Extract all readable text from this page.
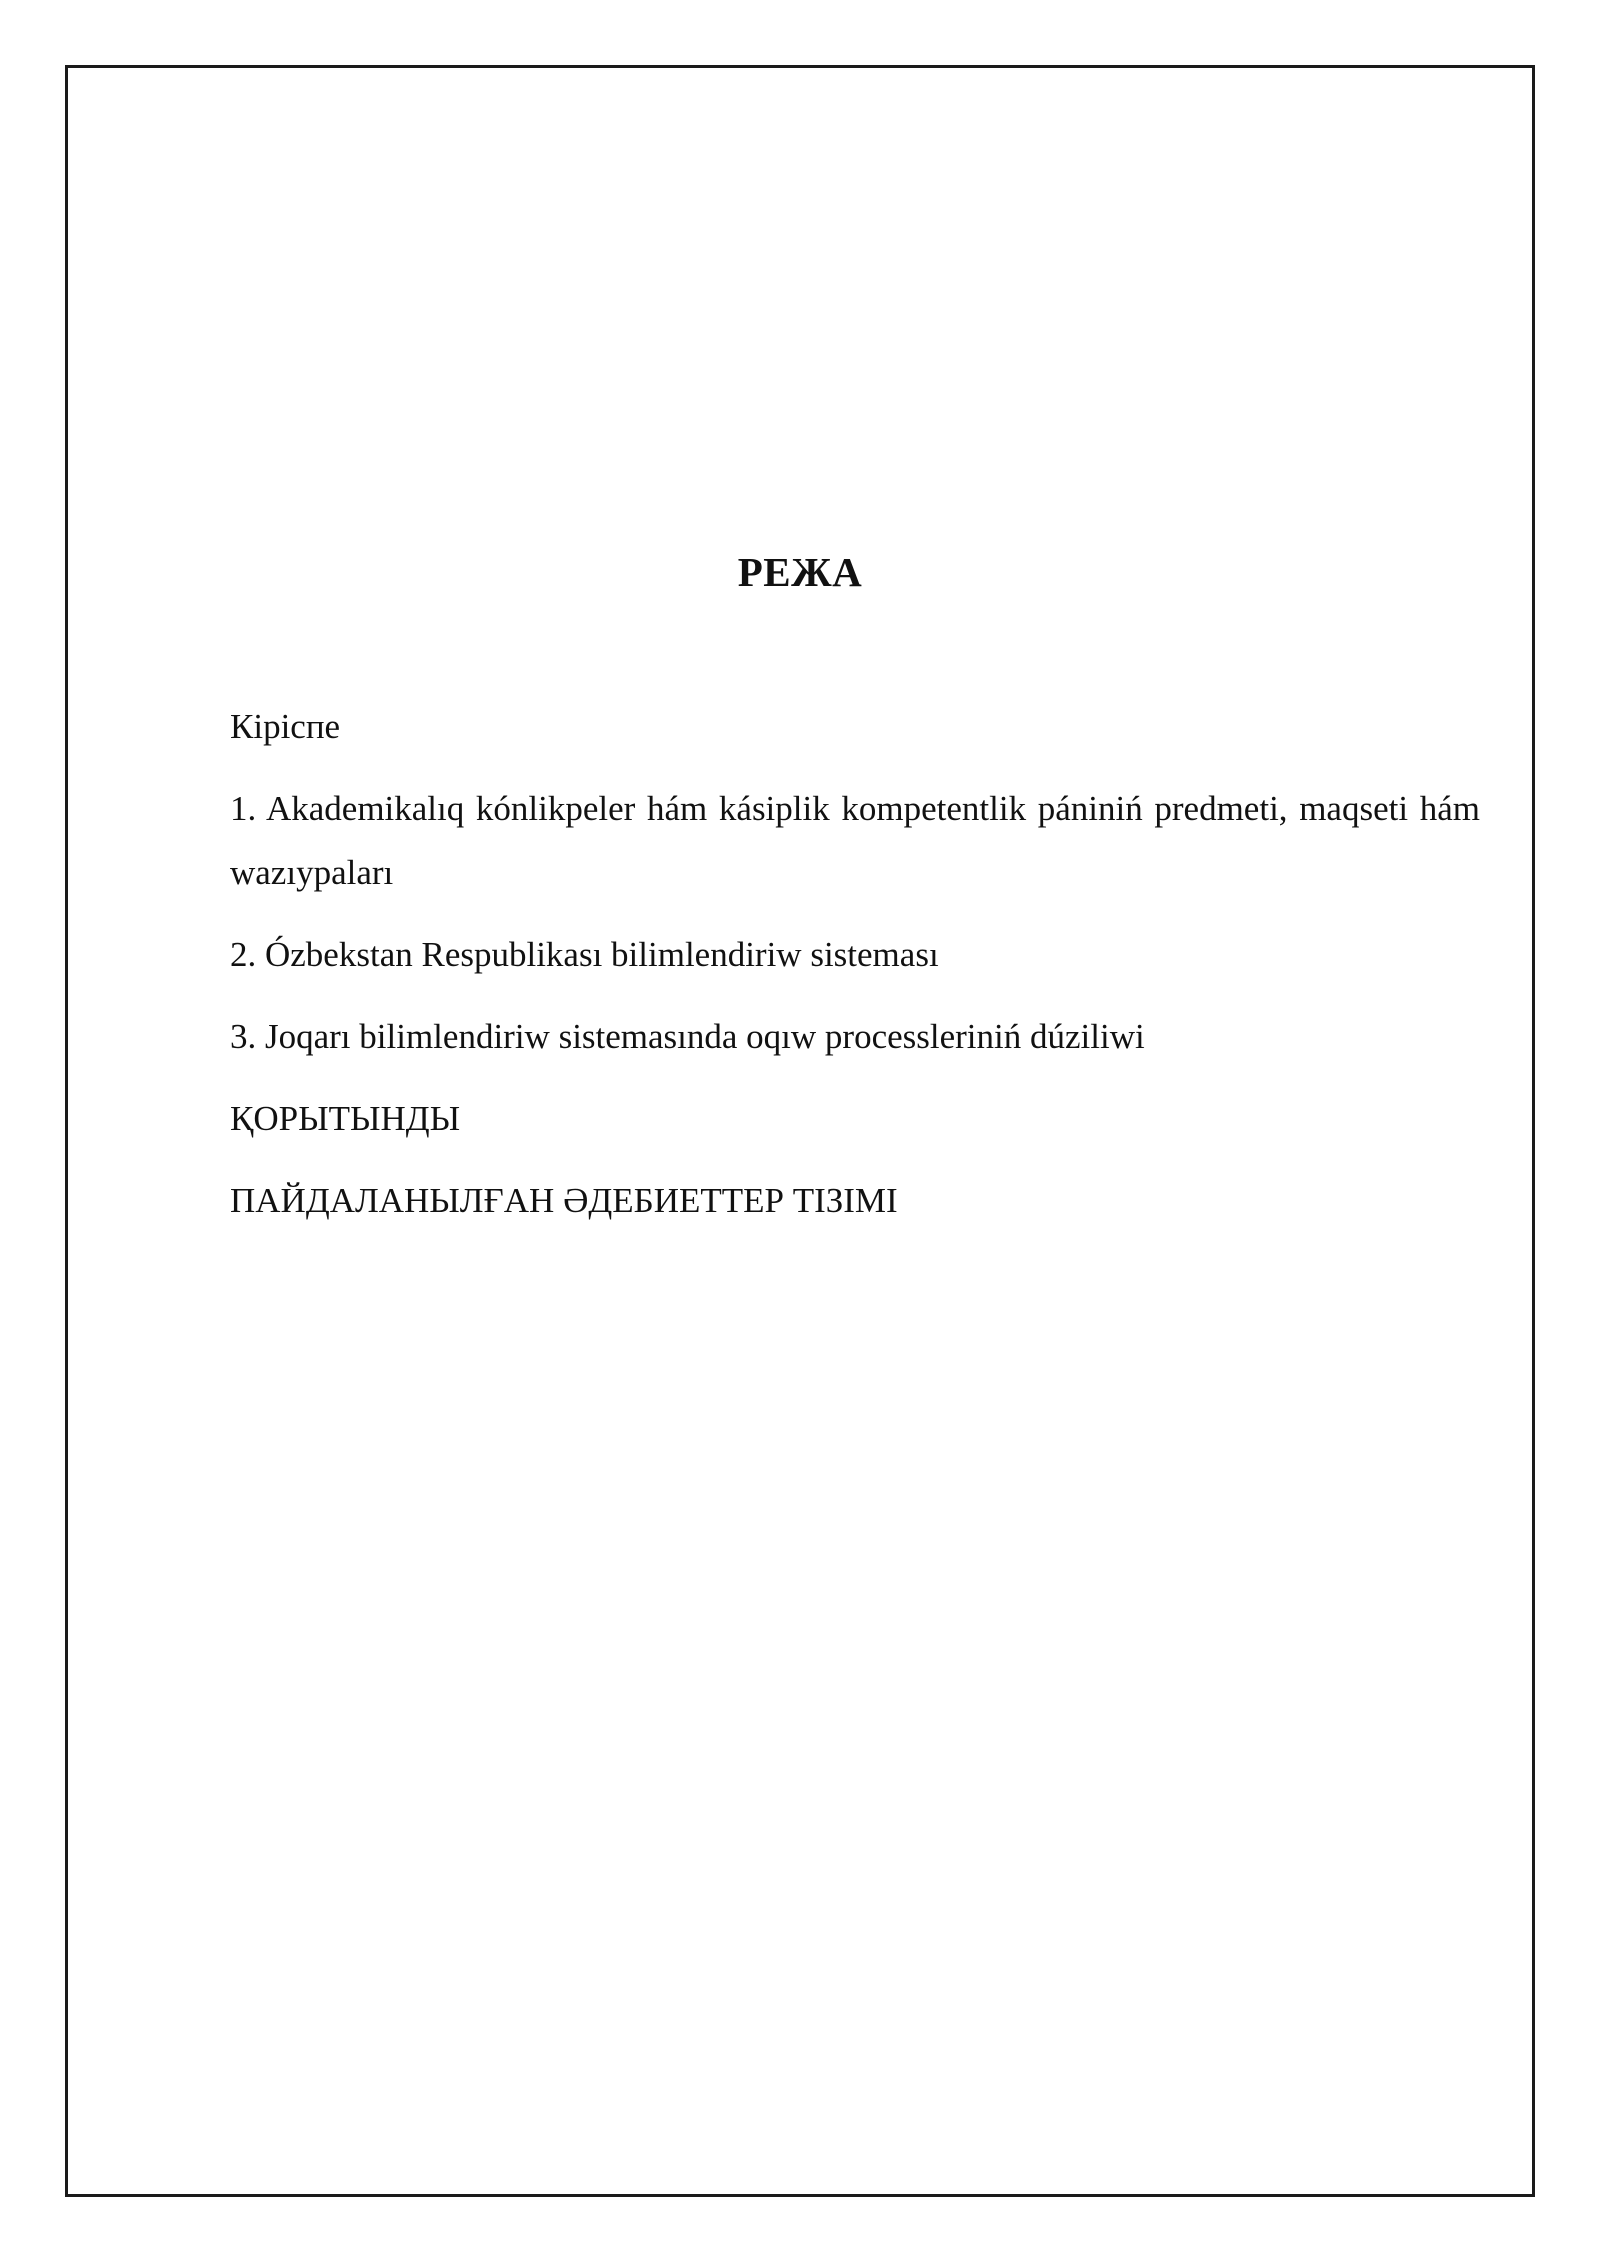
РЕЖА
Кiрiспе
1. Akademikalıq kónlikpeler hám kásiplik kompetentlik pániniń predmeti, maqseti hám wazıypaları
2. Ózbekstan Respublikası bilimlendiriw sisteması
3. Joqarı bilimlendiriw sistemasında oqıw processleriniń dúziliwi
ҚОРЫТЫНДЫ
ПАЙДАЛАНЫЛҒАН ӘДЕБИЕТТЕР ТІЗІМІ
